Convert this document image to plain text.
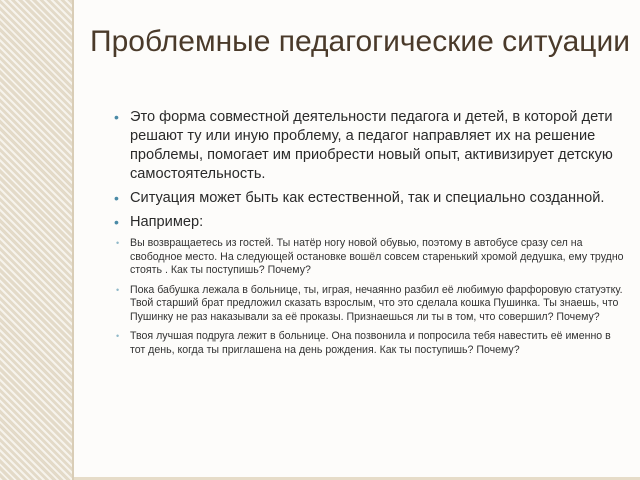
Проблемные педагогические ситуации
• Это форма совместной деятельности педагога и детей, в которой дети решают ту или иную проблему, а педагог направляет их на решение проблемы, помогает им приобрести новый опыт, активизирует детскую самостоятельность.
• Ситуация может быть как естественной, так и специально созданной.
• Например:
• Вы возвращаетесь из гостей. Ты натёр ногу новой обувью, поэтому в автобусе сразу сел на свободное место. На следующей остановке вошёл совсем старенький хромой дедушка, ему трудно стоять . Как ты поступишь? Почему?
• Пока бабушка лежала в больнице, ты, играя, нечаянно разбил её любимую фарфоровую статуэтку. Твой старший брат предложил сказать взрослым, что это сделала кошка Пушинка. Ты знаешь, что Пушинку не раз наказывали за её проказы. Признаешься ли ты в том, что совершил? Почему?
• Твоя лучшая подруга лежит в больнице. Она позвонила и попросила тебя навестить её именно в тот день, когда ты приглашена на день рождения. Как ты поступишь? Почему?
